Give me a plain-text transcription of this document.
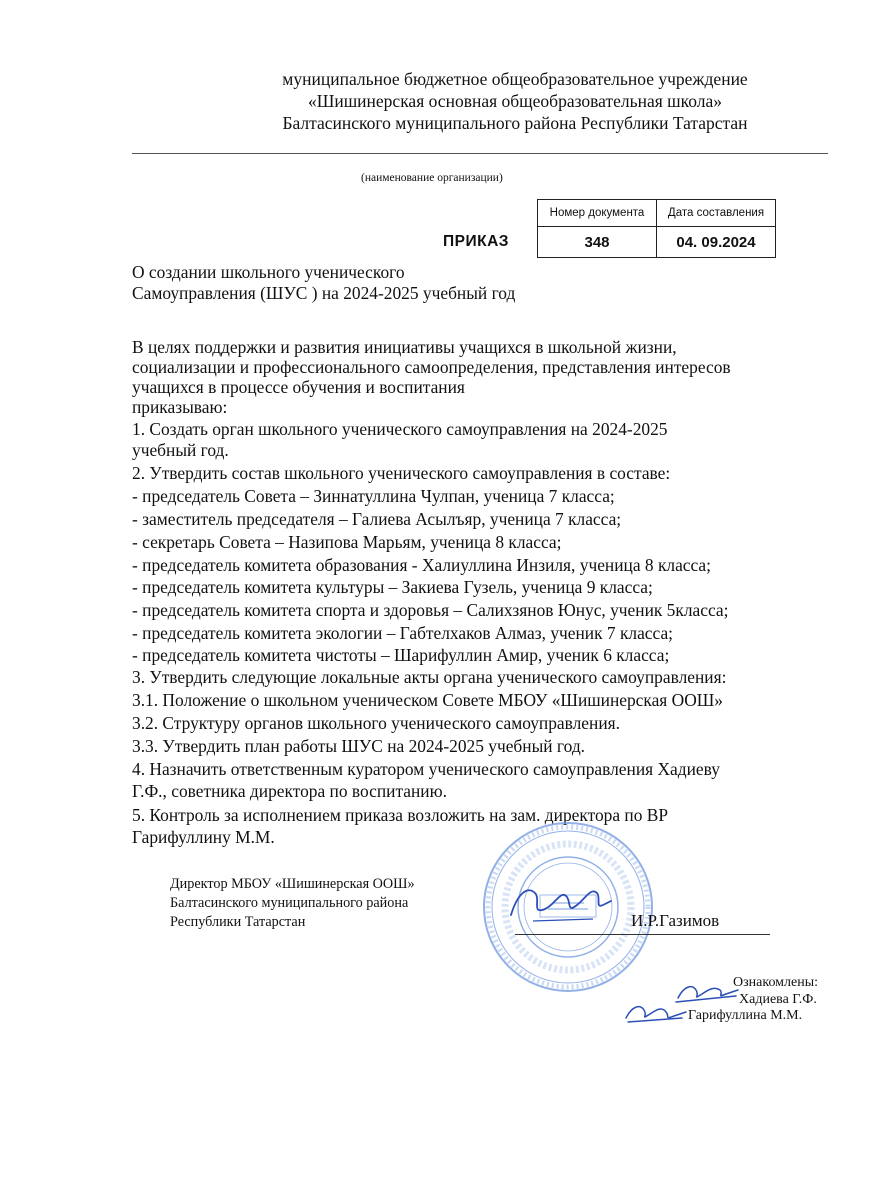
муниципальное бюджетное общеобразовательное учреждение
«Шишинерская основная общеобразовательная школа»
Балтасинского муниципального района Республики Татарстан
(наименование организации)
ПРИКАЗ
Номер документа	Дата составления
348	04. 09.2024
О создании школьного ученического
Самоуправления (ШУС ) на 2024-2025 учебный год
В целях поддержки и развития инициативы учащихся в школьной жизни,
социализации и профессионального самоопределения, представления интересов
учащихся в процессе обучения и воспитания
приказываю:
1. Создать орган школьного ученического самоуправления на 2024-2025
учебный год.
2. Утвердить состав школьного ученического самоуправления в составе:
- председатель Совета – Зиннатуллина Чулпан, ученица 7 класса;
- заместитель председателя – Галиева Асылъяр, ученица 7 класса;
- секретарь Совета – Назипова Марьям, ученица 8 класса;
- председатель комитета образования - Халиуллина Инзиля, ученица 8 класса;
- председатель комитета культуры – Закиева Гузель, ученица 9 класса;
- председатель комитета спорта и здоровья – Салихзянов Юнус, ученик 5класса;
- председатель комитета экологии – Габтелхаков Алмаз, ученик 7 класса;
- председатель комитета чистоты – Шарифуллин Амир, ученик 6 класса;
3. Утвердить следующие локальные акты органа ученического самоуправления:
3.1. Положение о школьном ученическом Совете МБОУ «Шишинерская ООШ»
3.2. Структуру органов школьного ученического самоуправления.
3.3. Утвердить план работы ШУС на 2024-2025 учебный год.
4. Назначить ответственным куратором ученического самоуправления Хадиеву
Г.Ф., советника директора по воспитанию.
5. Контроль за исполнением приказа возложить на зам. директора по ВР
Гарифуллину М.М.
Директор МБОУ «Шишинерская ООШ»
Балтасинского муниципального района
Республики Татарстан	И.Р.Газимов
Ознакомлены:
Хадиева Г.Ф.
Гарифуллина М.М.
